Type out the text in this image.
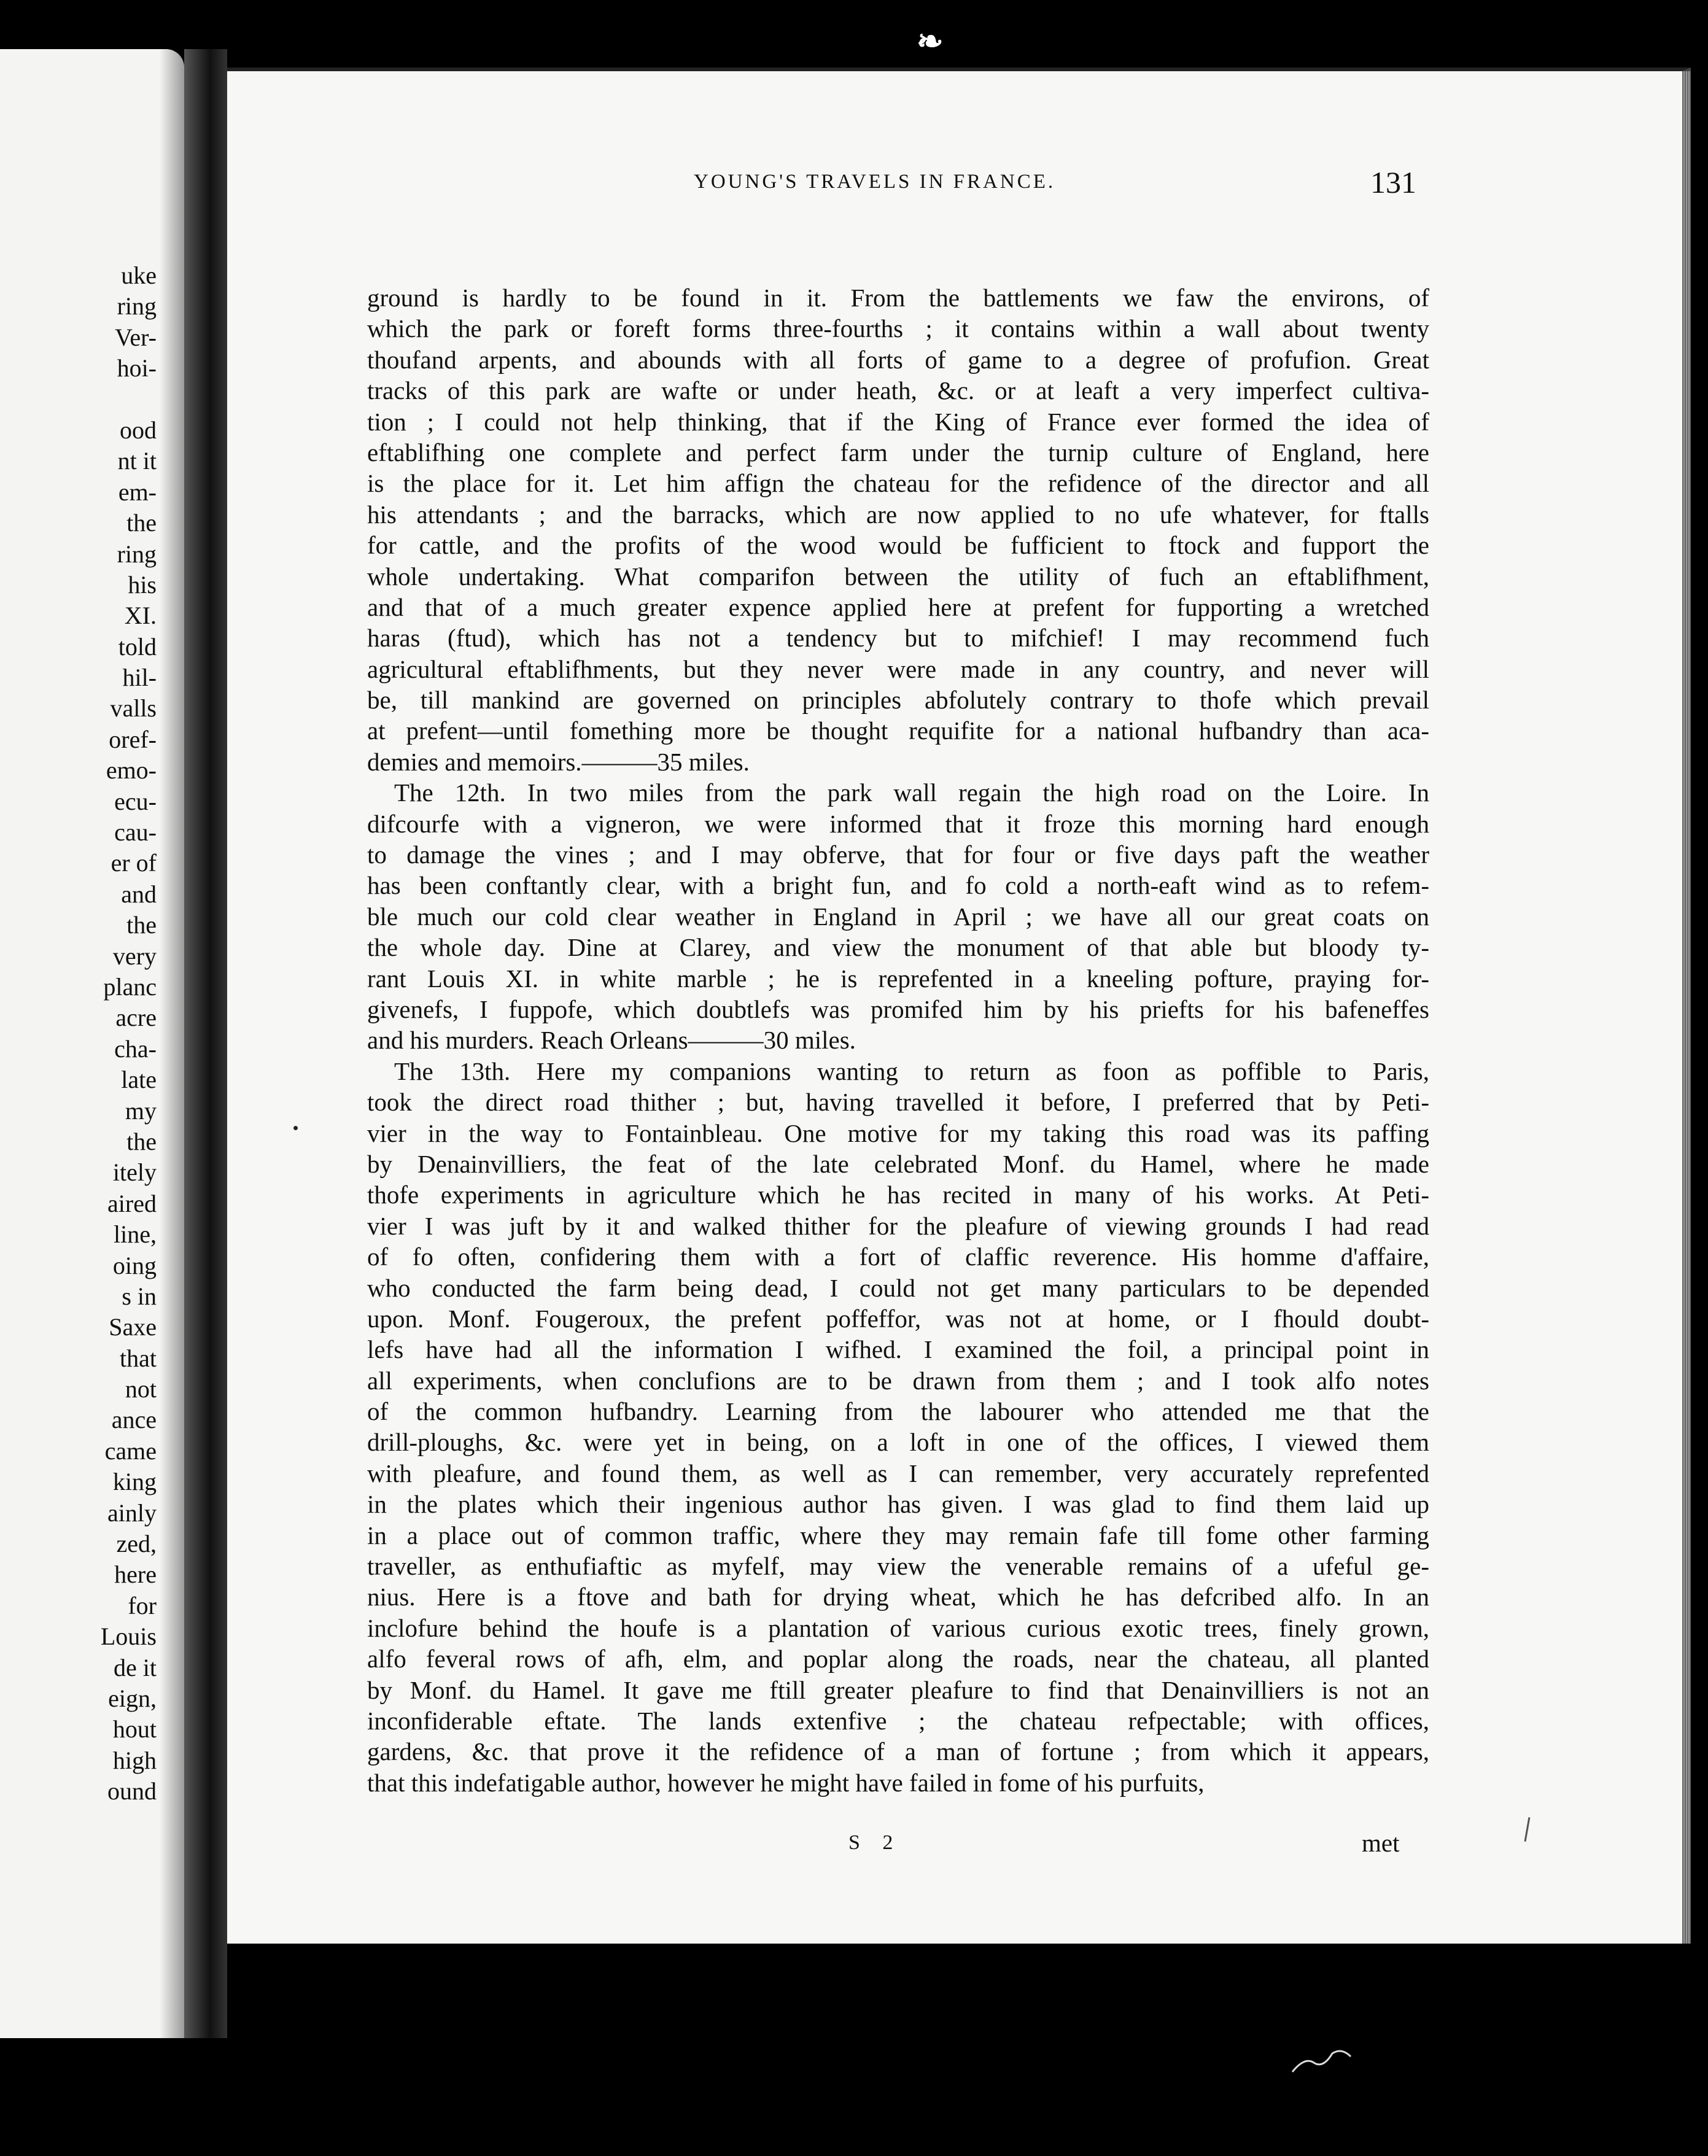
❧
uke
ring
Ver-
hoi-
ood
nt it
em-
the
ring
his
XI.
told
hil-
valls
oref-
emo-
ecu-
cau-
er of
and
the
very
planc
acre
cha-
late
my
the
itely
aired
line,
oing
s in
Saxe
that
not
ance
came
king
ainly
zed,
here
for
Louis
de it
eign,
hout
high
ound
YOUNG'S TRAVELS IN FRANCE.	131
ground is hardly to be found in it. From the battlements we faw the environs, of
which the park or foreft forms three-fourths ; it contains within a wall about twenty
thoufand arpents, and abounds with all forts of game to a degree of profufion. Great
tracks of this park are wafte or under heath, &c. or at leaft a very imperfect cultiva-
tion ; I could not help thinking, that if the King of France ever formed the idea of
eftablifhing one complete and perfect farm under the turnip culture of England, here
is the place for it. Let him affign the chateau for the refidence of the director and all
his attendants ; and the barracks, which are now applied to no ufe whatever, for ftalls
for cattle, and the profits of the wood would be fufficient to ftock and fupport the
whole undertaking. What comparifon between the utility of fuch an eftablifhment,
and that of a much greater expence applied here at prefent for fupporting a wretched
haras (ftud), which has not a tendency but to mifchief! I may recommend fuch
agricultural eftablifhments, but they never were made in any country, and never will
be, till mankind are governed on principles abfolutely contrary to thofe which prevail
at prefent—until fomething more be thought requifite for a national hufbandry than aca-
demies and memoirs.———35 miles.
The 12th. In two miles from the park wall regain the high road on the Loire. In
difcourfe with a vigneron, we were informed that it froze this morning hard enough
to damage the vines ; and I may obferve, that for four or five days paft the weather
has been conftantly clear, with a bright fun, and fo cold a north-eaft wind as to refem-
ble much our cold clear weather in England in April ; we have all our great coats on
the whole day. Dine at Clarey, and view the monument of that able but bloody ty-
rant Louis XI. in white marble ; he is reprefented in a kneeling pofture, praying for-
givenefs, I fuppofe, which doubtlefs was promifed him by his priefts for his bafeneffes
and his murders. Reach Orleans———30 miles.
The 13th. Here my companions wanting to return as foon as poffible to Paris,
took the direct road thither ; but, having travelled it before, I preferred that by Peti-
vier in the way to Fontainbleau. One motive for my taking this road was its paffing
by Denainvilliers, the feat of the late celebrated Monf. du Hamel, where he made
thofe experiments in agriculture which he has recited in many of his works. At Peti-
vier I was juft by it and walked thither for the pleafure of viewing grounds I had read
of fo often, confidering them with a fort of claffic reverence. His homme d'affaire,
who conducted the farm being dead, I could not get many particulars to be depended
upon. Monf. Fougeroux, the prefent poffeffor, was not at home, or I fhould doubt-
lefs have had all the information I wifhed. I examined the foil, a principal point in
all experiments, when conclufions are to be drawn from them ; and I took alfo notes
of the common hufbandry. Learning from the labourer who attended me that the
drill-ploughs, &c. were yet in being, on a loft in one of the offices, I viewed them
with pleafure, and found them, as well as I can remember, very accurately reprefented
in the plates which their ingenious author has given. I was glad to find them laid up
in a place out of common traffic, where they may remain fafe till fome other farming
traveller, as enthufiaftic as myfelf, may view the venerable remains of a ufeful ge-
nius. Here is a ftove and bath for drying wheat, which he has defcribed alfo. In an
inclofure behind the houfe is a plantation of various curious exotic trees, finely grown,
alfo feveral rows of afh, elm, and poplar along the roads, near the chateau, all planted
by Monf. du Hamel. It gave me ftill greater pleafure to find that Denainvilliers is not an
inconfiderable eftate. The lands extenfive ; the chateau refpectable; with offices,
gardens, &c. that prove it the refidence of a man of fortune ; from which it appears,
that this indefatigable author, however he might have failed in fome of his purfuits,
S 2	met
